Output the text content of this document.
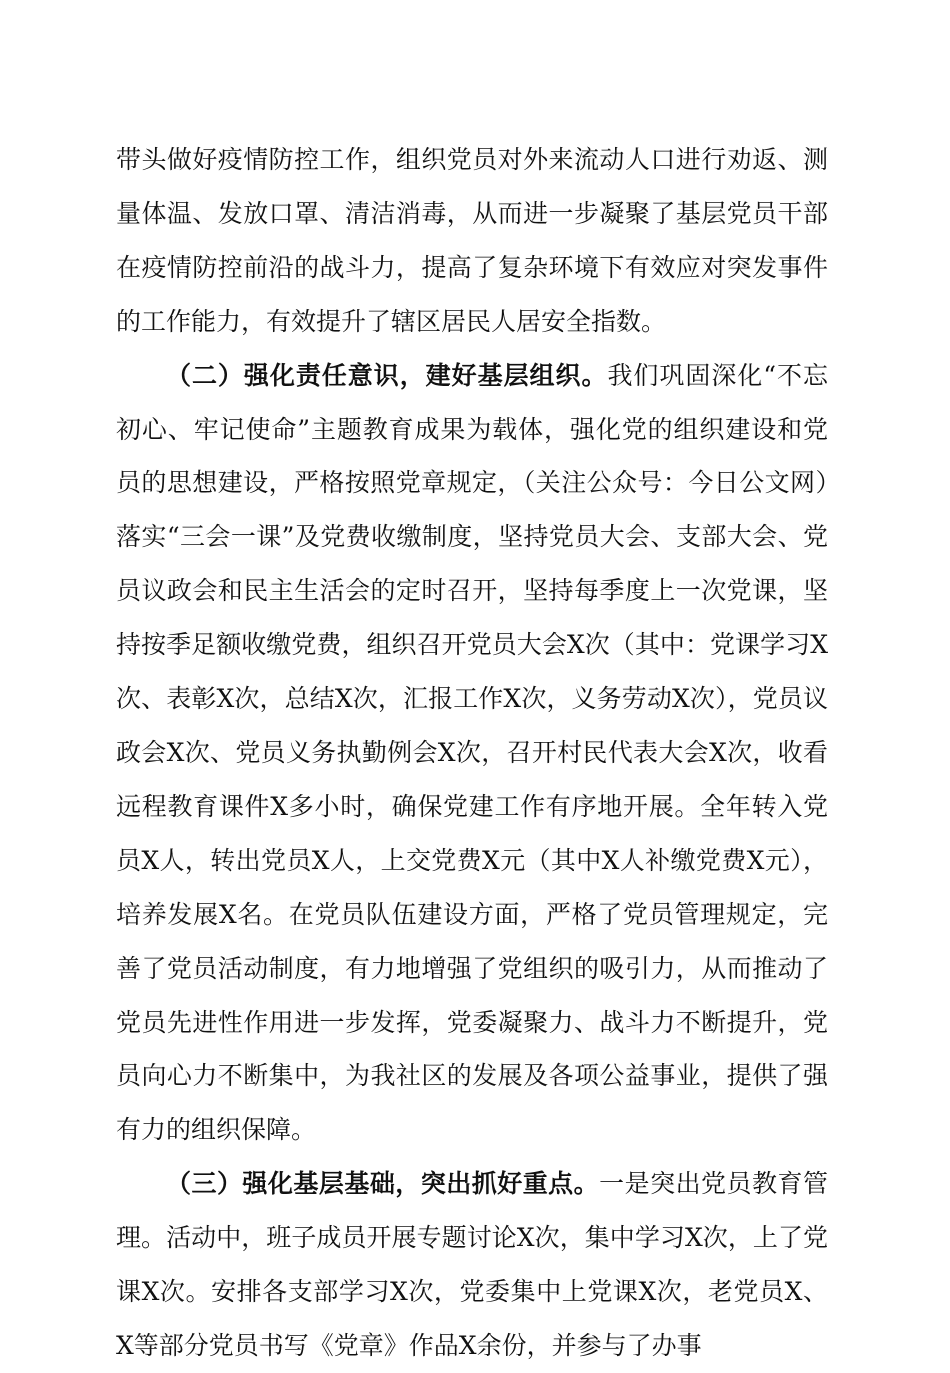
带头做好疫情防控工作，组织党员对外来流动人口进行劝返、测量体温、发放口罩、清洁消毒，从而进一步凝聚了基层党员干部在疫情防控前沿的战斗力，提高了复杂环境下有效应对突发事件的工作能力，有效提升了辖区居民人居安全指数。

（二）强化责任意识，建好基层组织。我们巩固深化“不忘初心、牢记使命”主题教育成果为载体，强化党的组织建设和党员的思想建设，严格按照党章规定，（关注公众号：今日公文网）落实“三会一课”及党费收缴制度，坚持党员大会、支部大会、党员议政会和民主生活会的定时召开，坚持每季度上一次党课，坚持按季足额收缴党费，组织召开党员大会X次（其中：党课学习X次、表彰X次，总结X次，汇报工作X次，义务劳动X次），党员议政会X次、党员义务执勤例会X次，召开村民代表大会X次，收看远程教育课件X多小时，确保党建工作有序地开展。全年转入党员X人，转出党员X人，上交党费X元（其中X人补缴党费X元），培养发展X名。在党员队伍建设方面，严格了党员管理规定，完善了党员活动制度，有力地增强了党组织的吸引力，从而推动了党员先进性作用进一步发挥，党委凝聚力、战斗力不断提升，党员向心力不断集中，为我社区的发展及各项公益事业，提供了强有力的组织保障。

（三）强化基层基础，突出抓好重点。一是突出党员教育管理。活动中，班子成员开展专题讨论X次，集中学习X次，上了党课X次。安排各支部学习X次，党委集中上党课X次，老党员X、X等部分党员书写《党章》作品X余份，并参与了办事
